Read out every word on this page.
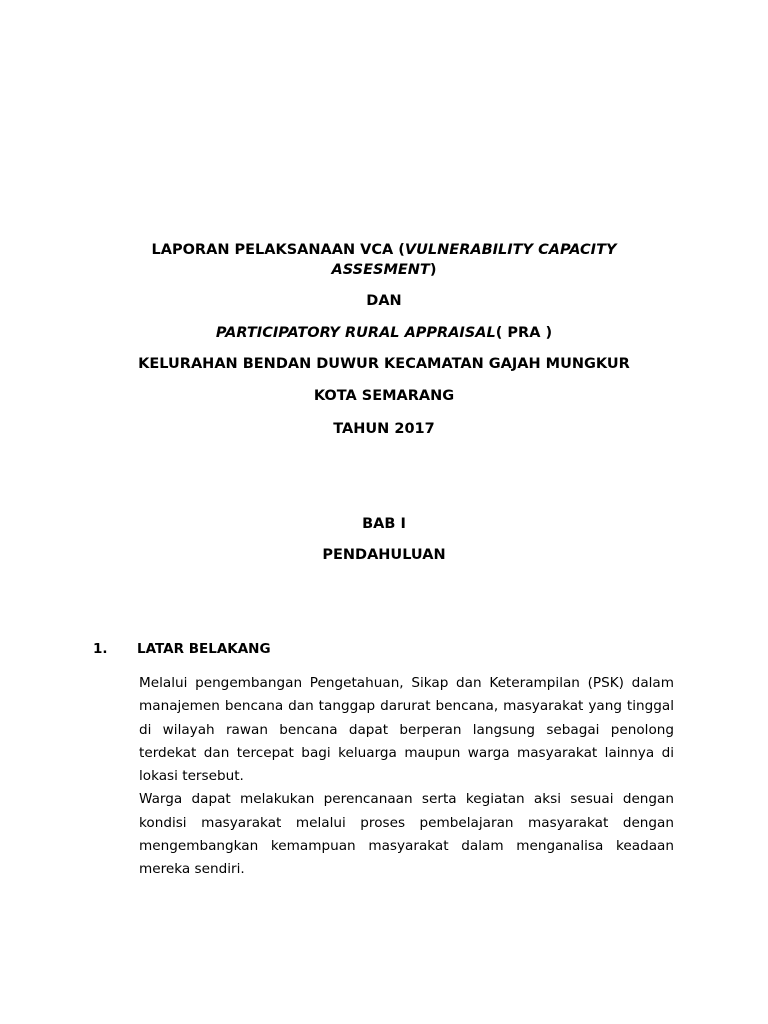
LAPORAN PELAKSANAAN VCA (VULNERABILITY CAPACITY ASSESMENT)

DAN

PARTICIPATORY RURAL APPRAISAL( PRA )

KELURAHAN BENDAN DUWUR KECAMATAN GAJAH MUNGKUR

KOTA SEMARANG

TAHUN 2017

BAB I

PENDAHULUAN

1. LATAR BELAKANG

Melalui pengembangan Pengetahuan, Sikap dan Keterampilan (PSK) dalam manajemen bencana dan tanggap darurat bencana, masyarakat yang tinggal di wilayah rawan bencana dapat berperan langsung sebagai penolong terdekat dan tercepat bagi keluarga maupun warga masyarakat lainnya di lokasi tersebut.

Warga dapat melakukan perencanaan serta kegiatan aksi sesuai dengan kondisi masyarakat melalui proses pembelajaran masyarakat dengan mengembangkan kemampuan masyarakat dalam menganalisa keadaan mereka sendiri.
